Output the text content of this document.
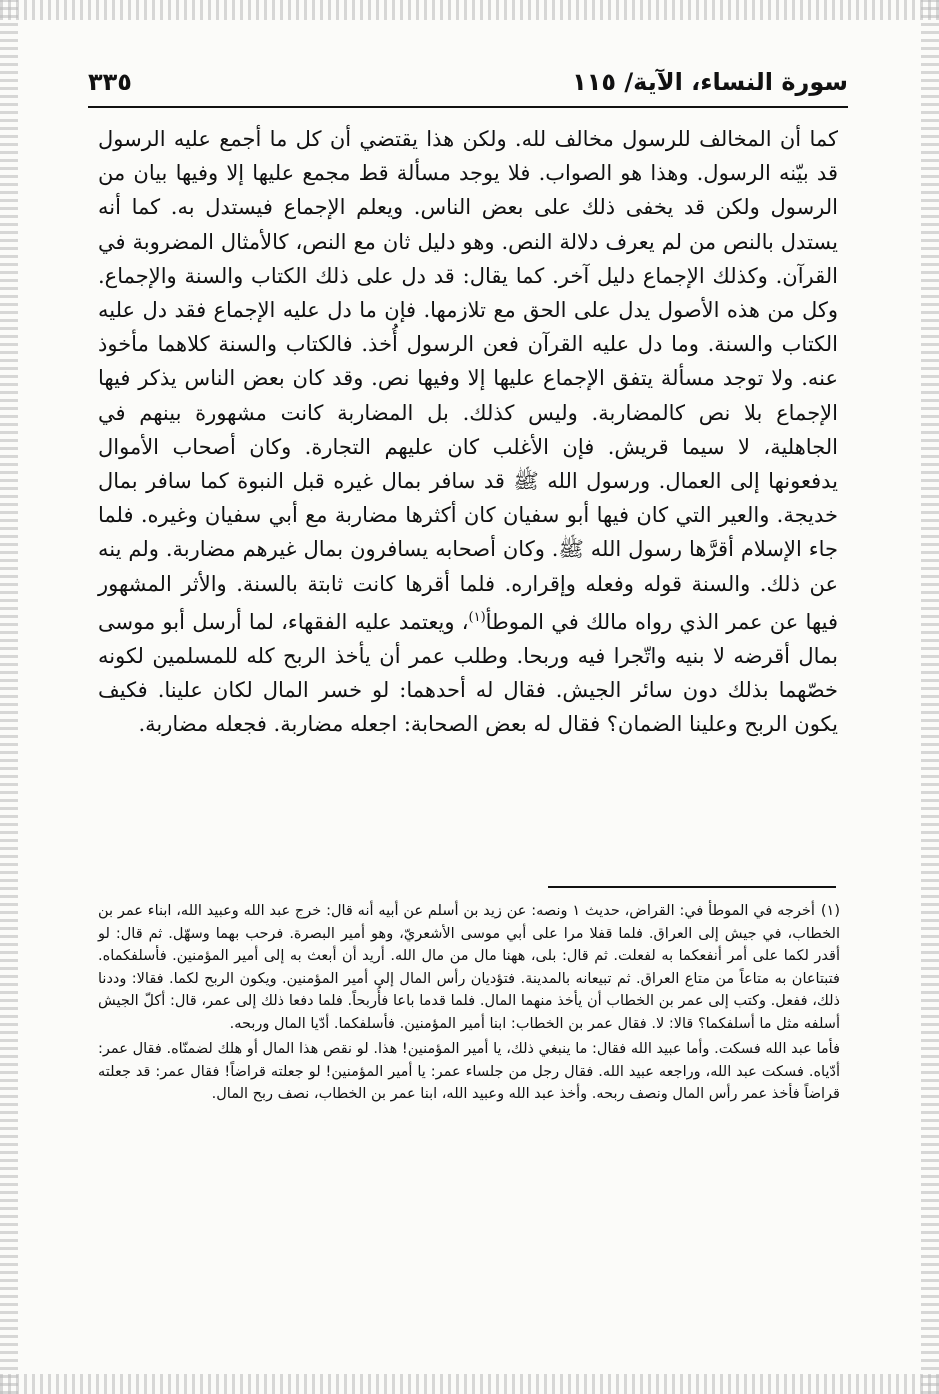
سورة النساء، الآية/ ١١٥
٣٣٥

كما أن المخالف للرسول مخالف لله. ولكن هذا يقتضي أن كل ما أجمع عليه الرسول قد بيّنه الرسول. وهذا هو الصواب. فلا يوجد مسألة قط مجمع عليها إلا وفيها بيان من الرسول ولكن قد يخفى ذلك على بعض الناس. ويعلم الإجماع فيستدل به. كما أنه يستدل بالنص من لم يعرف دلالة النص. وهو دليل ثان مع النص، كالأمثال المضروبة في القرآن. وكذلك الإجماع دليل آخر. كما يقال: قد دل على ذلك الكتاب والسنة والإجماع. وكل من هذه الأصول يدل على الحق مع تلازمها. فإن ما دل عليه الإجماع فقد دل عليه الكتاب والسنة. وما دل عليه القرآن فعن الرسول أُخذ. فالكتاب والسنة كلاهما مأخوذ عنه. ولا توجد مسألة يتفق الإجماع عليها إلا وفيها نص. وقد كان بعض الناس يذكر فيها الإجماع بلا نص كالمضاربة. وليس كذلك. بل المضاربة كانت مشهورة بينهم في الجاهلية، لا سيما قريش. فإن الأغلب كان عليهم التجارة. وكان أصحاب الأموال يدفعونها إلى العمال. ورسول الله ﷺ قد سافر بمال غيره قبل النبوة كما سافر بمال خديجة. والعير التي كان فيها أبو سفيان كان أكثرها مضاربة مع أبي سفيان وغيره. فلما جاء الإسلام أقرَّها رسول الله ﷺ. وكان أصحابه يسافرون بمال غيرهم مضاربة. ولم ينه عن ذلك. والسنة قوله وفعله وإقراره. فلما أقرها كانت ثابتة بالسنة. والأثر المشهور فيها عن عمر الذي رواه مالك في الموطأ$^{(١)}$، ويعتمد عليه الفقهاء، لما أرسل أبو موسى بمال أقرضه لا بنيه واتّجرا فيه وربحا. وطلب عمر أن يأخذ الربح كله للمسلمين لكونه خصّهما بذلك دون سائر الجيش. فقال له أحدهما: لو خسر المال لكان علينا. فكيف يكون الربح وعلينا الضمان؟ فقال له بعض الصحابة: اجعله مضاربة. فجعله مضاربة.

(١)أخرجه في الموطأ في: القراض، حديث ١ ونصه: عن زيد بن أسلم عن أبيه أنه قال: خرج عبد الله وعبيد الله، ابناء عمر بن الخطاب، في جيش إلى العراق. فلما قفلا مرا على أبي موسى الأشعريّ، وهو أمير البصرة. فرحب بهما وسهّل. ثم قال: لو أقدر لكما على أمر أنفعكما به لفعلت. ثم قال: بلى، ههنا مال من مال الله. أريد أن أبعث به إلى أمير المؤمنين. فأسلفكماه. فتبتاعان به متاعاً من متاع العراق. ثم تبيعانه بالمدينة. فتؤديان رأس المال إلى أمير المؤمنين. ويكون الربح لكما. فقالا: وددنا ذلك، ففعل. وكتب إلى عمر بن الخطاب أن يأخذ منهما المال. فلما قدما باعا فأُربحاً. فلما دفعا ذلك إلى عمر، قال: أكلّ الجيش أسلفه مثل ما أسلفكما؟ قالا: لا. فقال عمر بن الخطاب: ابنا أمير المؤمنين. فأسلفكما. أدّيا المال وربحه.

فأما عبد الله فسكت. وأما عبيد الله فقال: ما ينبغي ذلك، يا أمير المؤمنين! هذا. لو نقص هذا المال أو هلك لضمنّاه. فقال عمر: أدّياه. فسكت عبد الله، وراجعه عبيد الله. فقال رجل من جلساء عمر: يا أمير المؤمنين! لو جعلته قراضاً! فقال عمر: قد جعلته قراضاً فأخذ عمر رأس المال ونصف ربحه. وأخذ عبد الله وعبيد الله، ابنا عمر بن الخطاب، نصف ربح المال.
